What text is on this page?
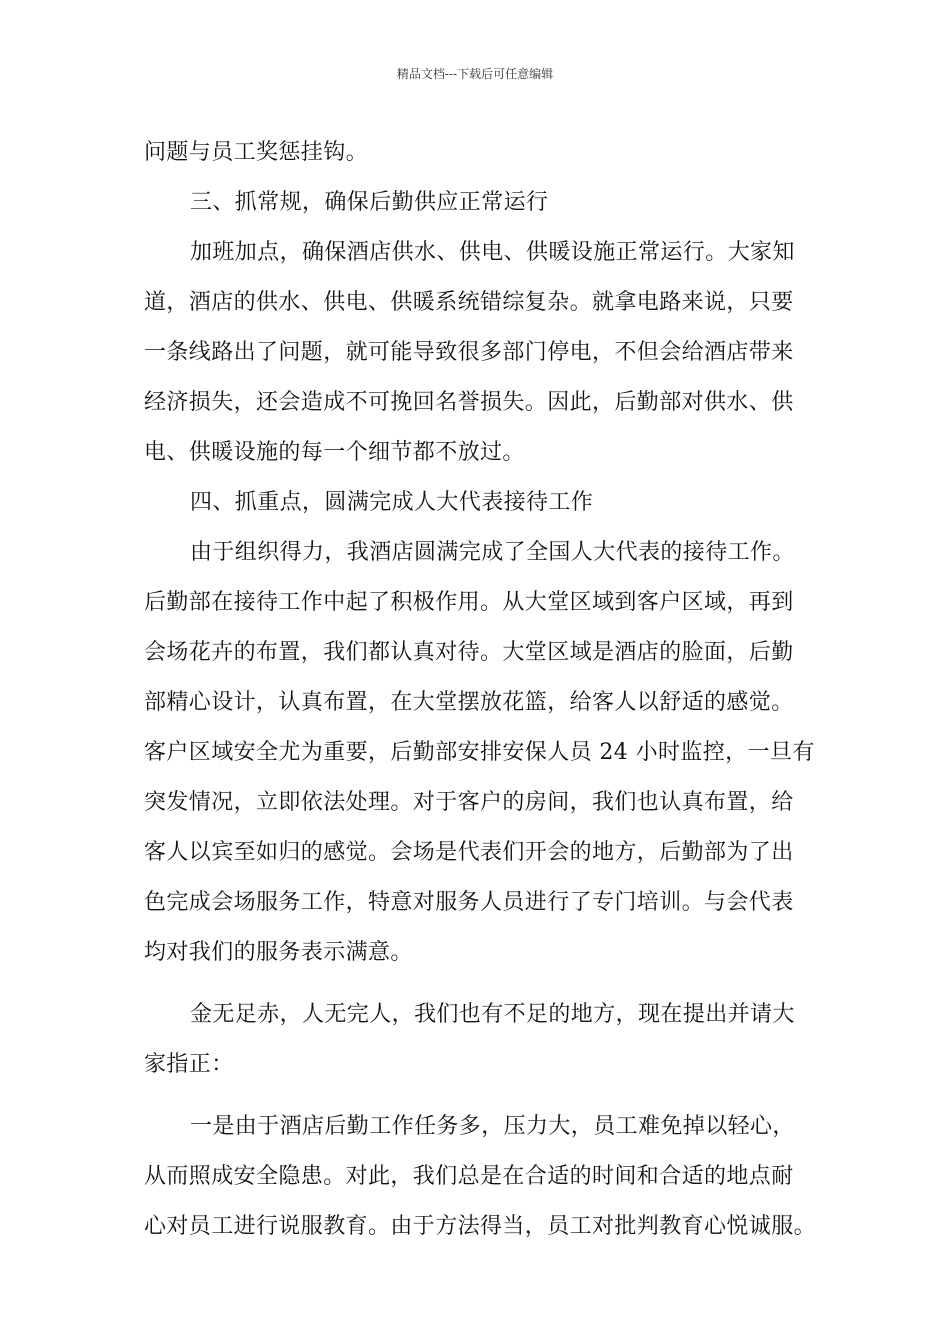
精品文档---下载后可任意编辑
问题与员工奖惩挂钩。
三、抓常规，确保后勤供应正常运行
加班加点，确保酒店供水、供电、供暖设施正常运行。大家知
道，酒店的供水、供电、供暖系统错综复杂。就拿电路来说，只要
一条线路出了问题，就可能导致很多部门停电，不但会给酒店带来
经济损失，还会造成不可挽回名誉损失。因此，后勤部对供水、供
电、供暖设施的每一个细节都不放过。
四、抓重点，圆满完成人大代表接待工作
由于组织得力，我酒店圆满完成了全国人大代表的接待工作。
后勤部在接待工作中起了积极作用。从大堂区域到客户区域，再到
会场花卉的布置，我们都认真对待。大堂区域是酒店的脸面，后勤
部精心设计，认真布置，在大堂摆放花篮，给客人以舒适的感觉。
客户区域安全尤为重要，后勤部安排安保人员 24 小时监控，一旦有
突发情况，立即依法处理。对于客户的房间，我们也认真布置，给
客人以宾至如归的感觉。会场是代表们开会的地方，后勤部为了出
色完成会场服务工作，特意对服务人员进行了专门培训。与会代表
均对我们的服务表示满意。
金无足赤，人无完人，我们也有不足的地方，现在提出并请大
家指正：
一是由于酒店后勤工作任务多，压力大，员工难免掉以轻心，
从而照成安全隐患。对此，我们总是在合适的时间和合适的地点耐
心对员工进行说服教育。由于方法得当，员工对批判教育心悦诚服。
